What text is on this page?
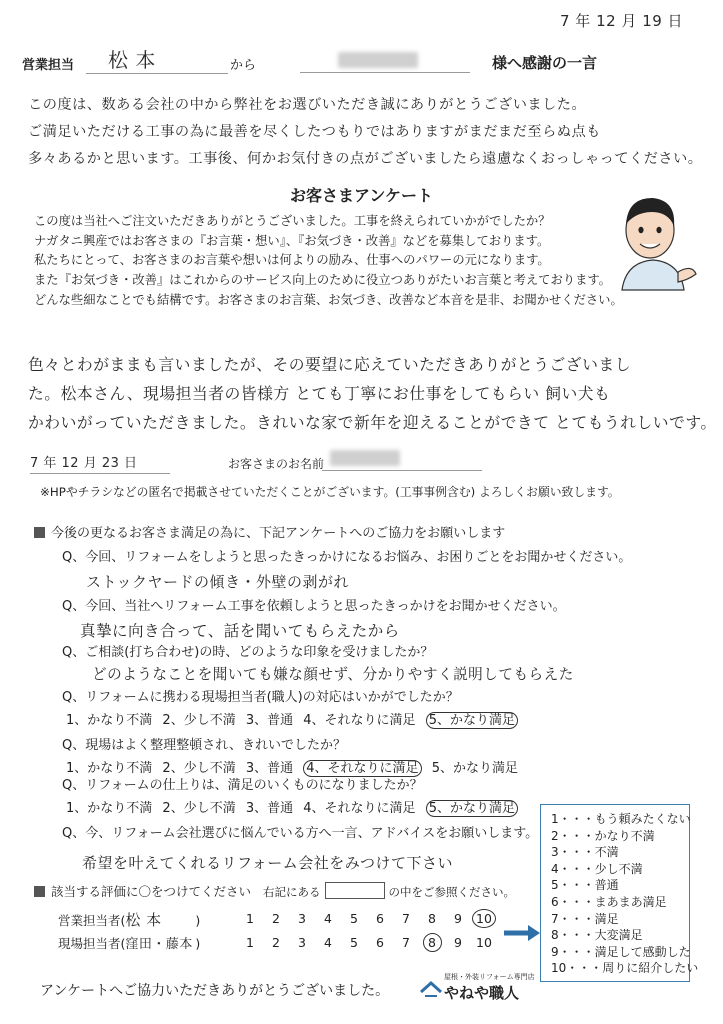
7 年 12 月 19 日
営業担当	松 本	から	様へ感謝の一言
この度は、数ある会社の中から弊社をお選びいただき誠にありがとうございました。
ご満足いただける工事の為に最善を尽くしたつもりではありますがまだまだ至らぬ点も
多々あるかと思います。工事後、何かお気付きの点がございましたら遠慮なくおっしゃってください。
お客さまアンケート
この度は当社へご注文いただきありがとうございました。工事を終えられていかがでしたか？
ナガタニ興産ではお客さまの『お言葉・想い』、『お気づき・改善』などを募集しております。
私たちにとって、お客さまのお言葉や想いは何よりの励み、仕事へのパワーの元になります。
また『お気づき・改善』はこれからのサービス向上のために役立つありがたいお言葉と考えております。
どんな些細なことでも結構です。お客さまのお言葉、お気づき、改善など本音を是非、お聞かせください。
色々とわがままも言いましたが、その要望に応えていただきありがとうございまし
た。松本さん、現場担当者の皆様方 とても丁寧にお仕事をしてもらい 飼い犬も
かわいがっていただきました。きれいな家で新年を迎えることができて とてもうれしいです。
7 年 12 月 23 日	お客さまのお名前
※HPやチラシなどの匿名で掲載させていただくことがございます。(工事事例含む) よろしくお願い致します。
今後の更なるお客さま満足の為に、下記アンケートへのご協力をお願いします
Q、今回、リフォームをしようと思ったきっかけになるお悩み、お困りごとをお聞かせください。
ストックヤードの傾き・外壁の剥がれ
Q、今回、当社へリフォーム工事を依頼しようと思ったきっかけをお聞かせください。
真摯に向き合って、話を聞いてもらえたから
Q、ご相談(打ち合わせ)の時、どのような印象を受けましたか？
どのようなことを聞いても嫌な顔せず、分かりやすく説明してもらえた
Q、リフォームに携わる現場担当者(職人)の対応はいかがでしたか？
1、かなり不満 2、少し不満 3、普通 4、それなりに満足 5、かなり満足
Q、現場はよく整理整頓され、きれいでしたか？
1、かなり不満 2、少し不満 3、普通 4、それなりに満足 5、かなり満足
Q、リフォームの仕上りは、満足のいくものになりましたか？
1、かなり不満 2、少し不満 3、普通 4、それなりに満足 5、かなり満足
Q、今、リフォーム会社選びに悩んでいる方へ一言、アドバイスをお願いします。
希望を叶えてくれるリフォーム会社をみつけて下さい
1・・・もう頼みたくない
2・・・かなり不満
3・・・不満
4・・・少し不満
5・・・普通
6・・・まあまあ満足
7・・・満足
8・・・大変満足
9・・・満足して感動した
10・・・周りに紹介したい
該当する評価に〇をつけてください 右記にある	の中をご参照ください。
営業担当者(松 本	)	1 2 3 4 5 6 7 8 9 10
現場担当者(窪田・藤本 )	1 2 3 4 5 6 7 8 9 10
アンケートへご協力いただきありがとうございました。
屋根・外装リフォーム専門店
やねや職人
